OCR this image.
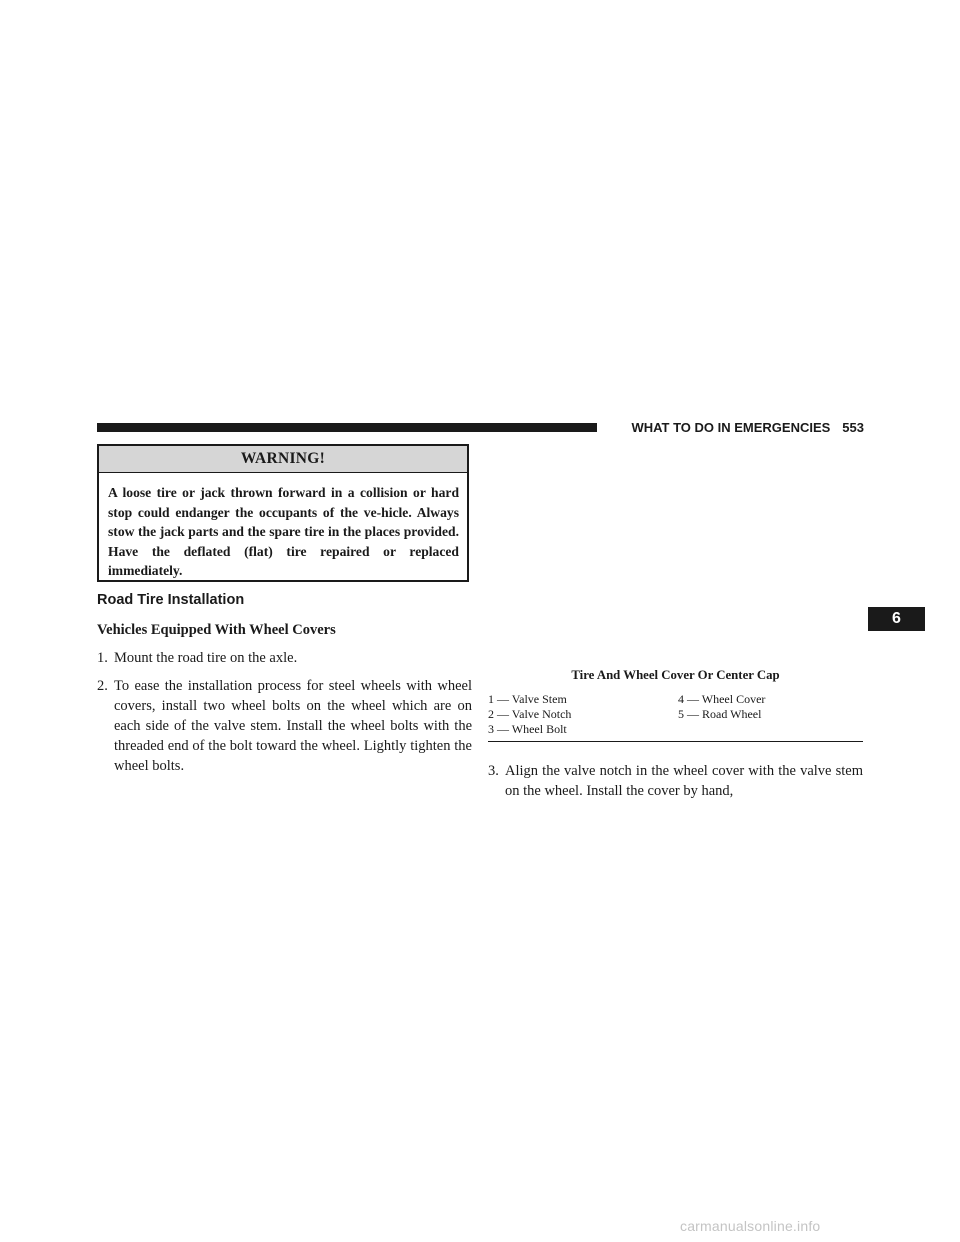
WHAT TO DO IN EMERGENCIES 553
WARNING!
A loose tire or jack thrown forward in a collision or hard stop could endanger the occupants of the ve-hicle. Always stow the jack parts and the spare tire in the places provided. Have the deflated (flat) tire repaired or replaced immediately.
Road Tire Installation
Vehicles Equipped With Wheel Covers
1. Mount the road tire on the axle.
2. To ease the installation process for steel wheels with wheel covers, install two wheel bolts on the wheel which are on each side of the valve stem. Install the wheel bolts with the threaded end of the bolt toward the wheel. Lightly tighten the wheel bolts.
Tire And Wheel Cover Or Center Cap
1 — Valve Stem	4 — Wheel Cover
2 — Valve Notch	5 — Road Wheel
3 — Wheel Bolt
3. Align the valve notch in the wheel cover with the valve stem on the wheel. Install the cover by hand,
6
carmanualsonline.info
